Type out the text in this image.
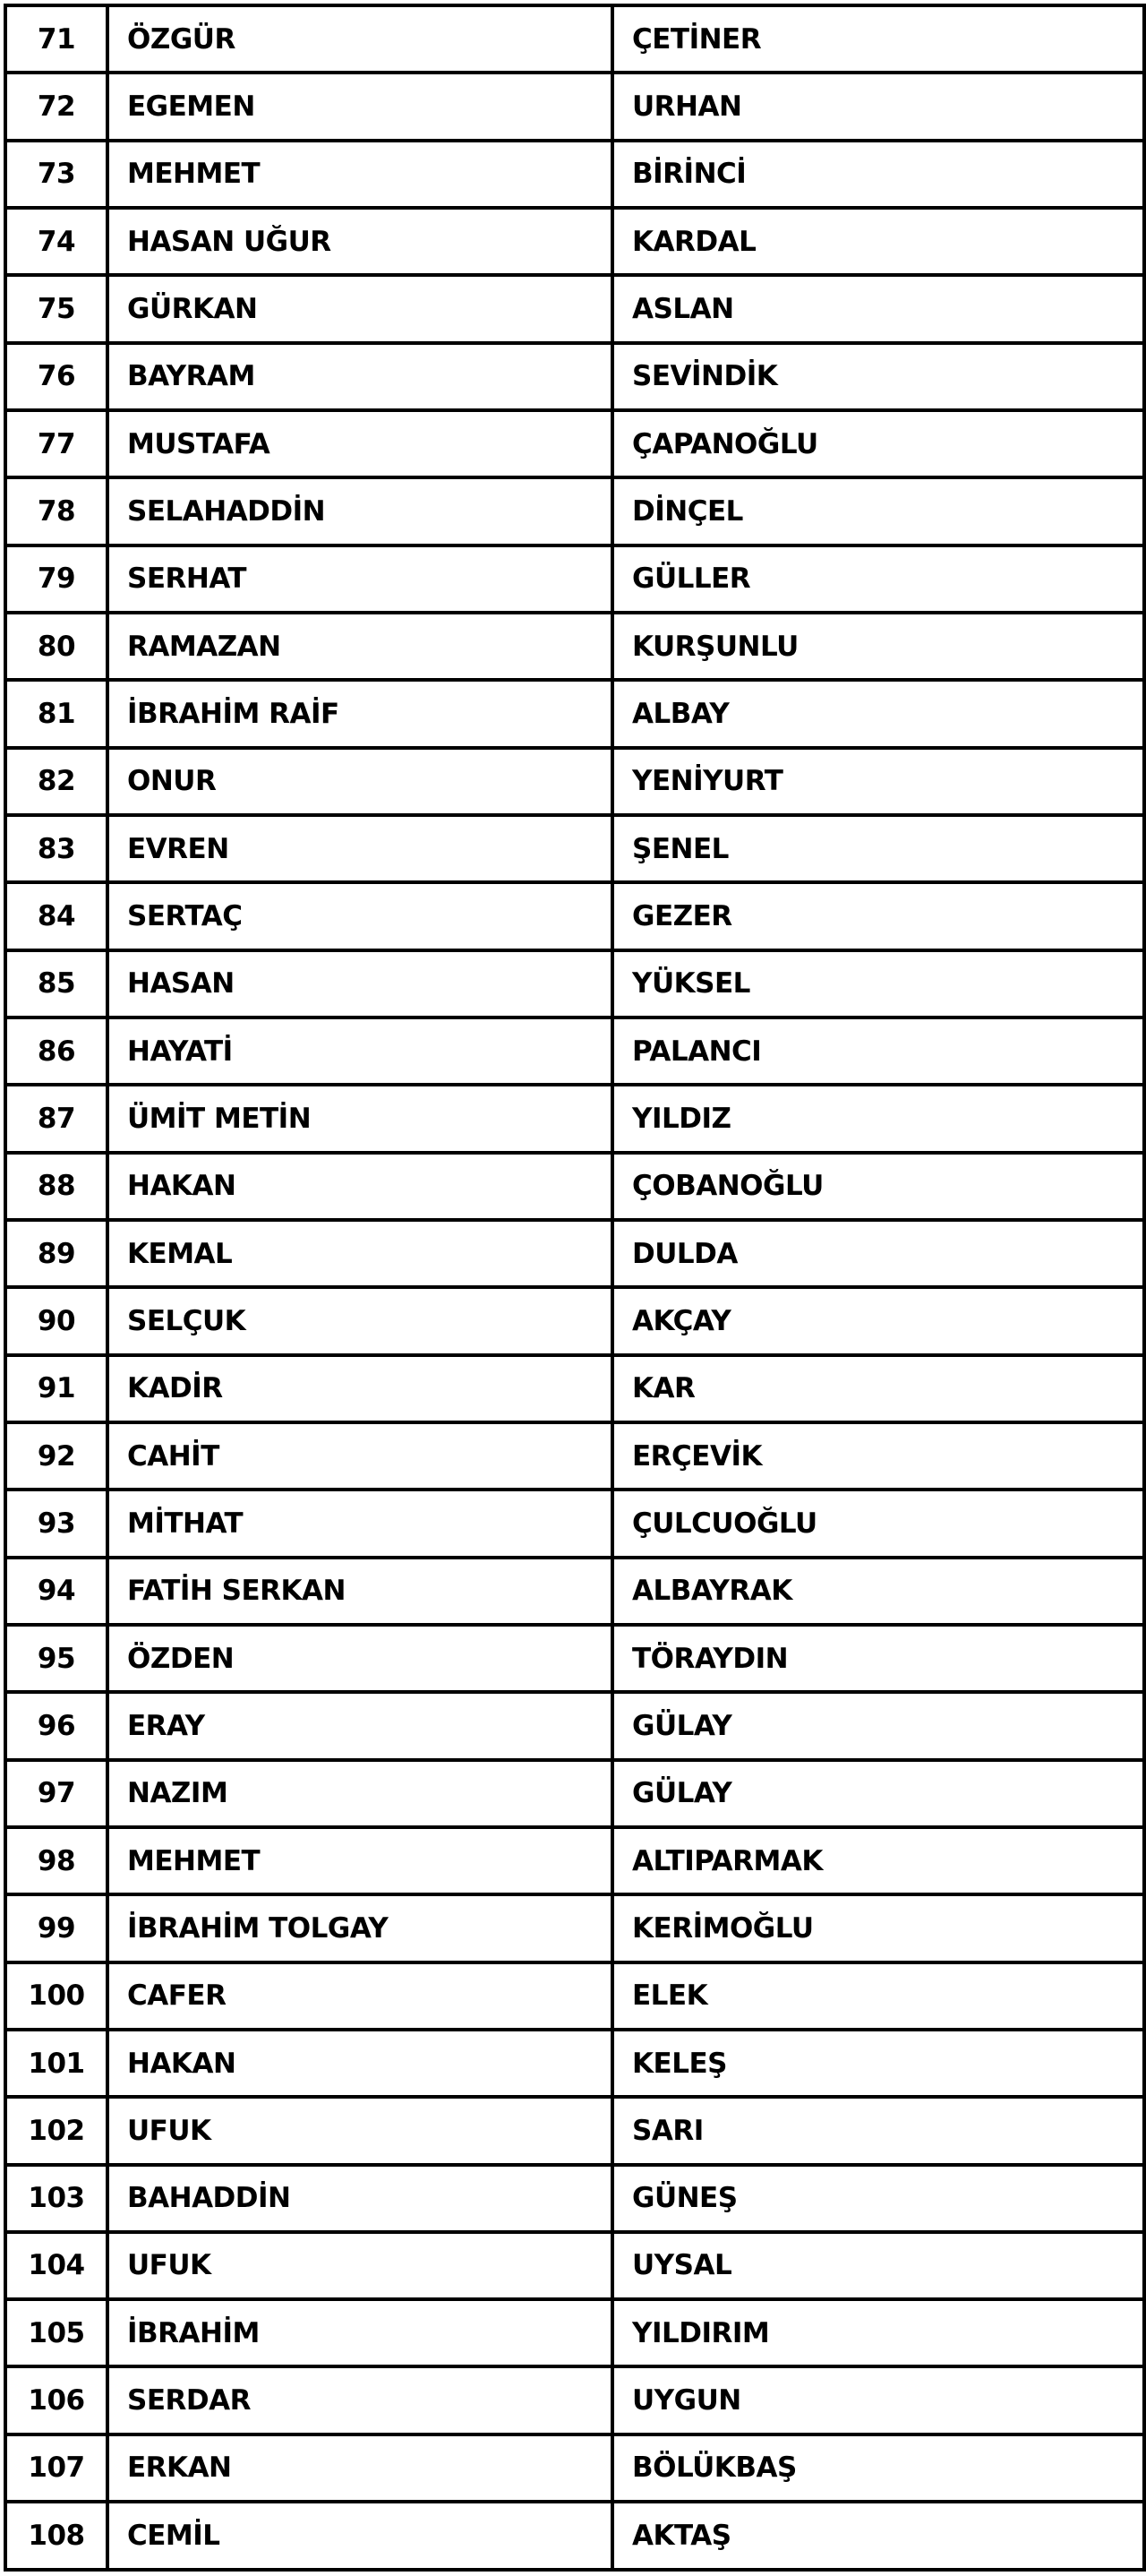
71	ÖZGÜR	ÇETİNER
72	EGEMEN	URHAN
73	MEHMET	BİRİNCİ
74	HASAN UĞUR	KARDAL
75	GÜRKAN	ASLAN
76	BAYRAM	SEVİNDİK
77	MUSTAFA	ÇAPANOĞLU
78	SELAHADDİN	DİNÇEL
79	SERHAT	GÜLLER
80	RAMAZAN	KURŞUNLU
81	İBRAHİM RAİF	ALBAY
82	ONUR	YENİYURT
83	EVREN	ŞENEL
84	SERTAÇ	GEZER
85	HASAN	YÜKSEL
86	HAYATİ	PALANCI
87	ÜMİT METİN	YILDIZ
88	HAKAN	ÇOBANOĞLU
89	KEMAL	DULDA
90	SELÇUK	AKÇAY
91	KADİR	KAR
92	CAHİT	ERÇEVİK
93	MİTHAT	ÇULCUOĞLU
94	FATİH SERKAN	ALBAYRAK
95	ÖZDEN	TÖRAYDIN
96	ERAY	GÜLAY
97	NAZIM	GÜLAY
98	MEHMET	ALTIPARMAK
99	İBRAHİM TOLGAY	KERİMOĞLU
100	CAFER	ELEK
101	HAKAN	KELEŞ
102	UFUK	SARI
103	BAHADDİN	GÜNEŞ
104	UFUK	UYSAL
105	İBRAHİM	YILDIRIM
106	SERDAR	UYGUN
107	ERKAN	BÖLÜKBAŞ
108	CEMİL	AKTAŞ
